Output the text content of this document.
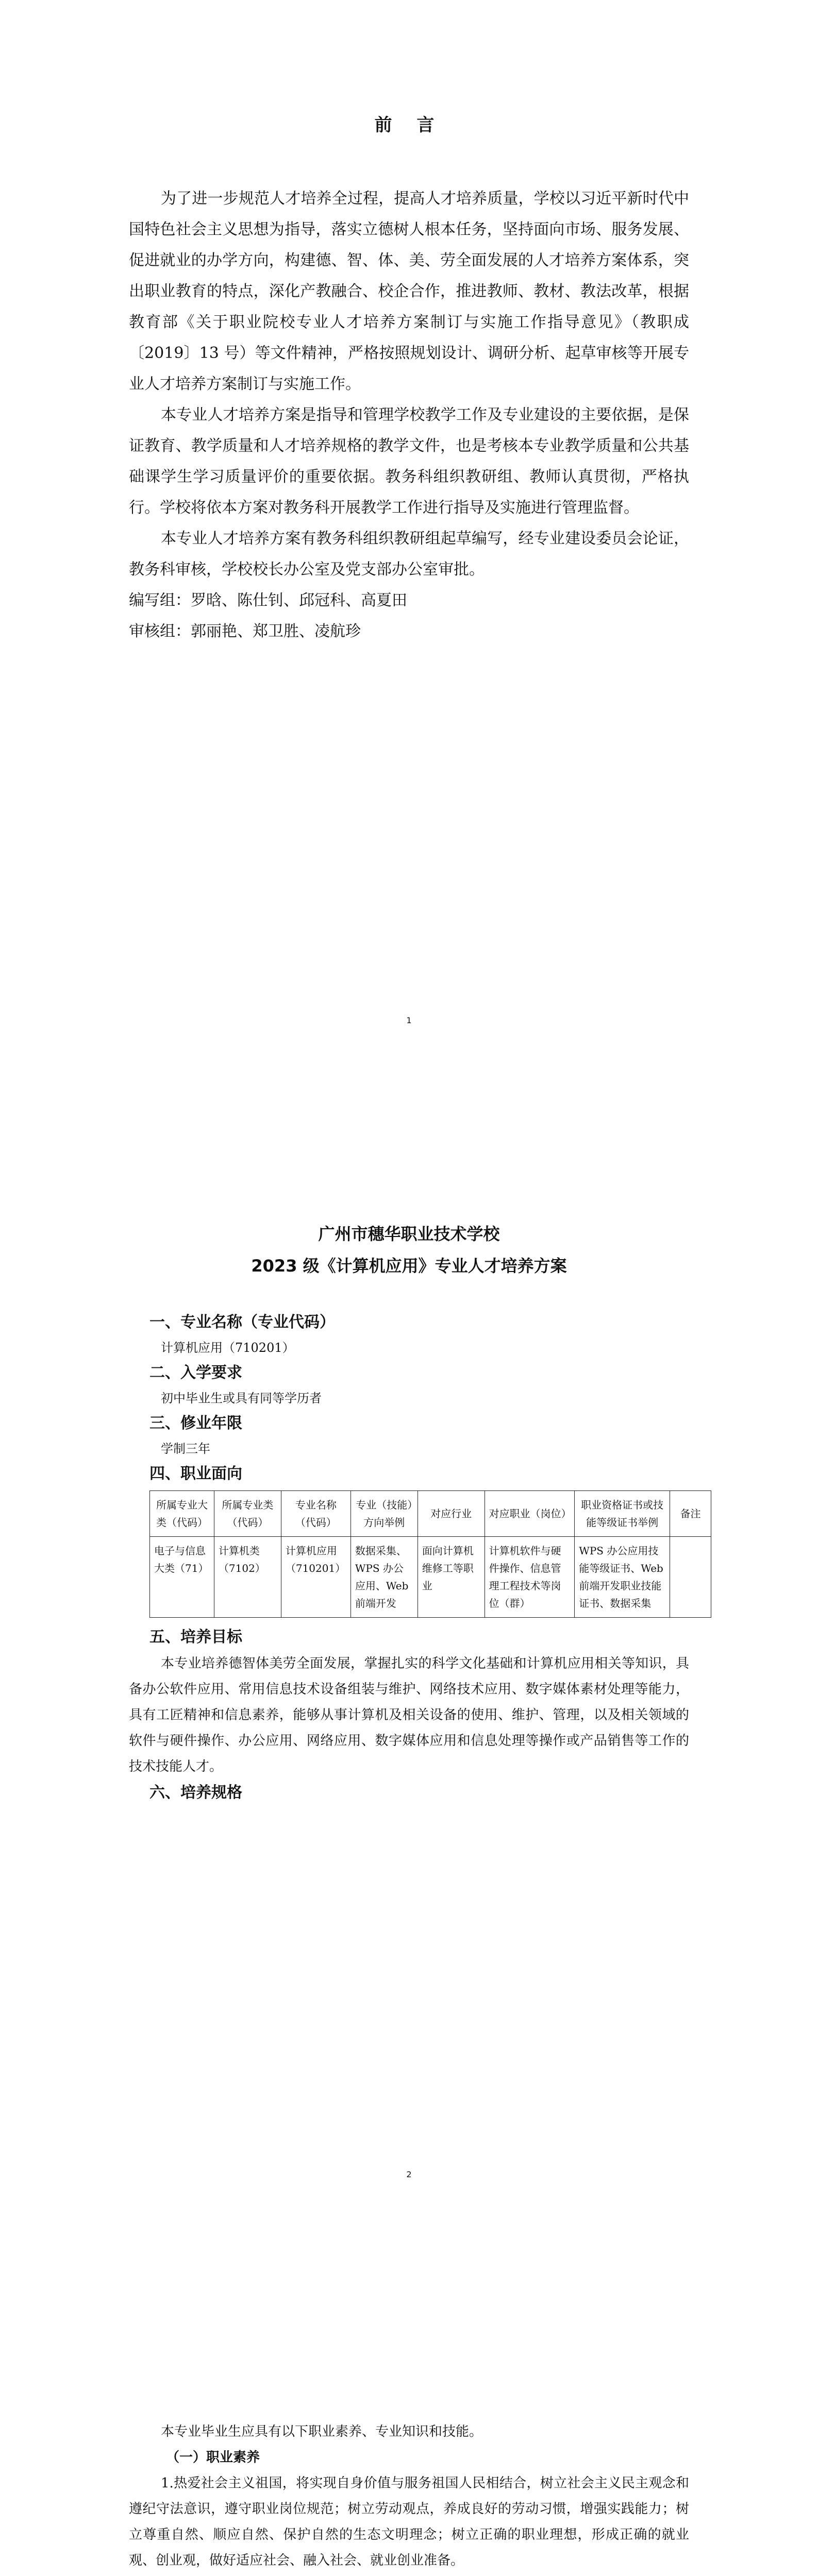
前 言

为了进一步规范人才培养全过程，提高人才培养质量，学校以习近平新时代中国特色社会主义思想为指导，落实立德树人根本任务，坚持面向市场、服务发展、促进就业的办学方向，构建德、智、体、美、劳全面发展的人才培养方案体系，突出职业教育的特点，深化产教融合、校企合作，推进教师、教材、教法改革，根据教育部《关于职业院校专业人才培养方案制订与实施工作指导意见》（教职成〔2019〕13 号）等文件精神，严格按照规划设计、调研分析、起草审核等开展专业人才培养方案制订与实施工作。

本专业人才培养方案是指导和管理学校教学工作及专业建设的主要依据，是保证教育、教学质量和人才培养规格的教学文件，也是考核本专业教学质量和公共基础课学生学习质量评价的重要依据。教务科组织教研组、教师认真贯彻，严格执行。学校将依本方案对教务科开展教学工作进行指导及实施进行管理监督。

本专业人才培养方案有教务科组织教研组起草编写，经专业建设委员会论证，教务科审核，学校校长办公室及党支部办公室审批。

编写组：罗晗、陈仕钊、邱冠科、高夏田

审核组：郭丽艳、郑卫胜、凌航珍

1
广州市穗华职业技术学校
2023 级《计算机应用》专业人才培养方案

一、专业名称（专业代码）

计算机应用（710201）

二、入学要求

初中毕业生或具有同等学历者

三、修业年限

学制三年

四、职业面向

所属专业大类（代码）	所属专业类（代码）	专业名称（代码）	专业（技能）方向举例	对应行业	对应职业（岗位）	职业资格证书或技能等级证书举例	备注
电子与信息大类（71）	计算机类（7102）	计算机应用（710201）	数据采集、WPS 办公应用、Web 前端开发	面向计算机维修工等职业	计算机软件与硬件操作、信息管理工程技术等岗位（群）	WPS 办公应用技能等级证书、Web 前端开发职业技能证书、数据采集	

五、培养目标

本专业培养德智体美劳全面发展，掌握扎实的科学文化基础和计算机应用相关等知识，具备办公软件应用、常用信息技术设备组装与维护、网络技术应用、数字媒体素材处理等能力，具有工匠精神和信息素养，能够从事计算机及相关设备的使用、维护、管理，以及相关领域的软件与硬件操作、办公应用、网络应用、数字媒体应用和信息处理等操作或产品销售等工作的技术技能人才。

六、培养规格

2

本专业毕业生应具有以下职业素养、专业知识和技能。

（一）职业素养

1.热爱社会主义祖国，将实现自身价值与服务祖国人民相结合，树立社会主义民主观念和遵纪守法意识，遵守职业岗位规范；树立劳动观点，养成良好的劳动习惯，增强实践能力；树立尊重自然、顺应自然、保护自然的生态文明理念；树立正确的职业理想，形成正确的就业观、创业观，做好适应社会、融入社会、就业创业准备。
